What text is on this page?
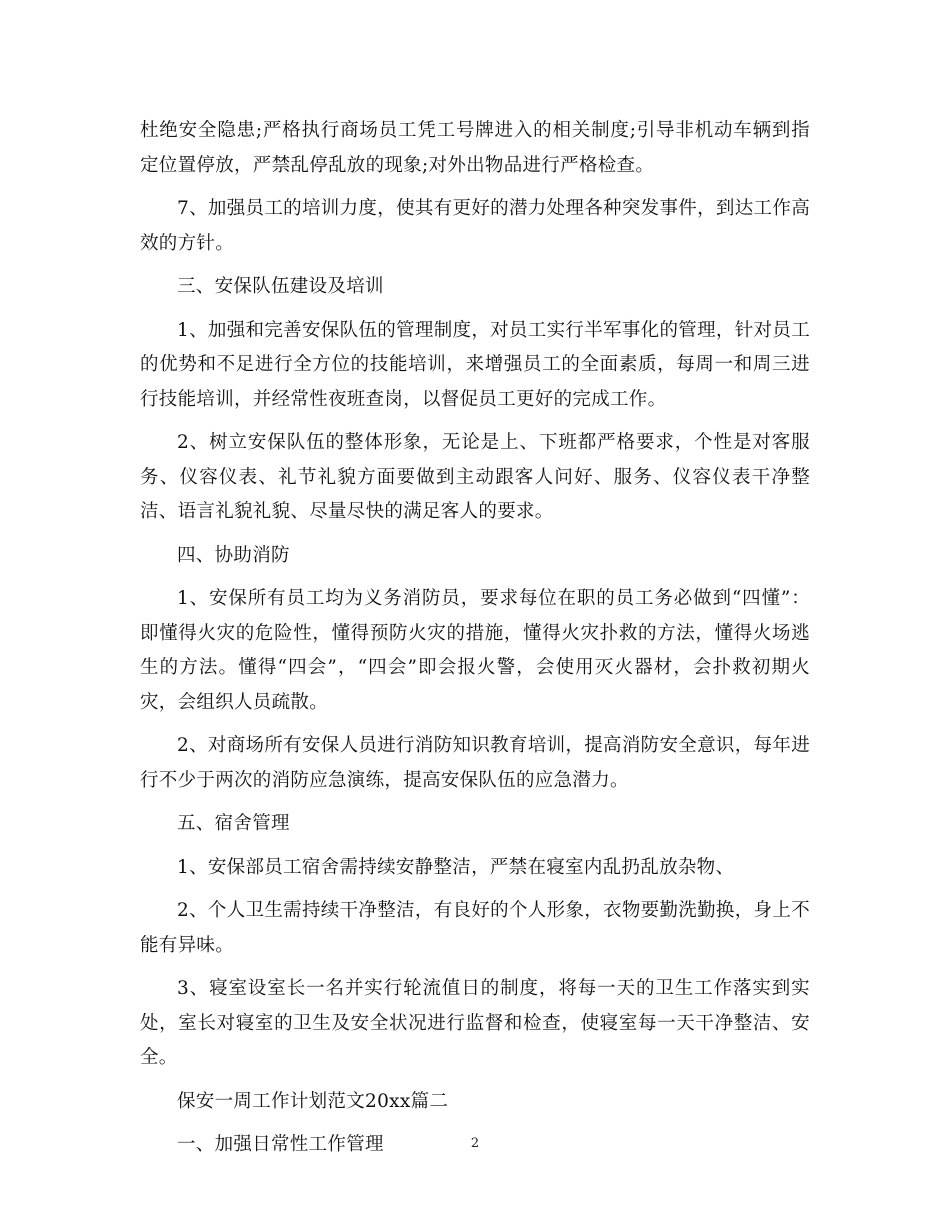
杜绝安全隐患;严格执行商场员工凭工号牌进入的相关制度;引导非机动车辆到指定位置停放，严禁乱停乱放的现象;对外出物品进行严格检查。

7、加强员工的培训力度，使其有更好的潜力处理各种突发事件，到达工作高效的方针。

三、安保队伍建设及培训

1、加强和完善安保队伍的管理制度，对员工实行半军事化的管理，针对员工的优势和不足进行全方位的技能培训，来增强员工的全面素质，每周一和周三进行技能培训，并经常性夜班查岗，以督促员工更好的完成工作。

2、树立安保队伍的整体形象，无论是上、下班都严格要求，个性是对客服务、仪容仪表、礼节礼貌方面要做到主动跟客人问好、服务、仪容仪表干净整洁、语言礼貌礼貌、尽量尽快的满足客人的要求。

四、协助消防

1、安保所有员工均为义务消防员，要求每位在职的员工务必做到“四懂”：即懂得火灾的危险性，懂得预防火灾的措施，懂得火灾扑救的方法，懂得火场逃生的方法。懂得“四会”，“四会”即会报火警，会使用灭火器材，会扑救初期火灾，会组织人员疏散。

2、对商场所有安保人员进行消防知识教育培训，提高消防安全意识，每年进行不少于两次的消防应急演练，提高安保队伍的应急潜力。

五、宿舍管理

1、安保部员工宿舍需持续安静整洁，严禁在寝室内乱扔乱放杂物、

2、个人卫生需持续干净整洁，有良好的个人形象，衣物要勤洗勤换，身上不能有异味。

3、寝室设室长一名并实行轮流值日的制度，将每一天的卫生工作落实到实处，室长对寝室的卫生及安全状况进行监督和检查，使寝室每一天干净整洁、安全。

保安一周工作计划范文20xx篇二

一、加强日常性工作管理	2
